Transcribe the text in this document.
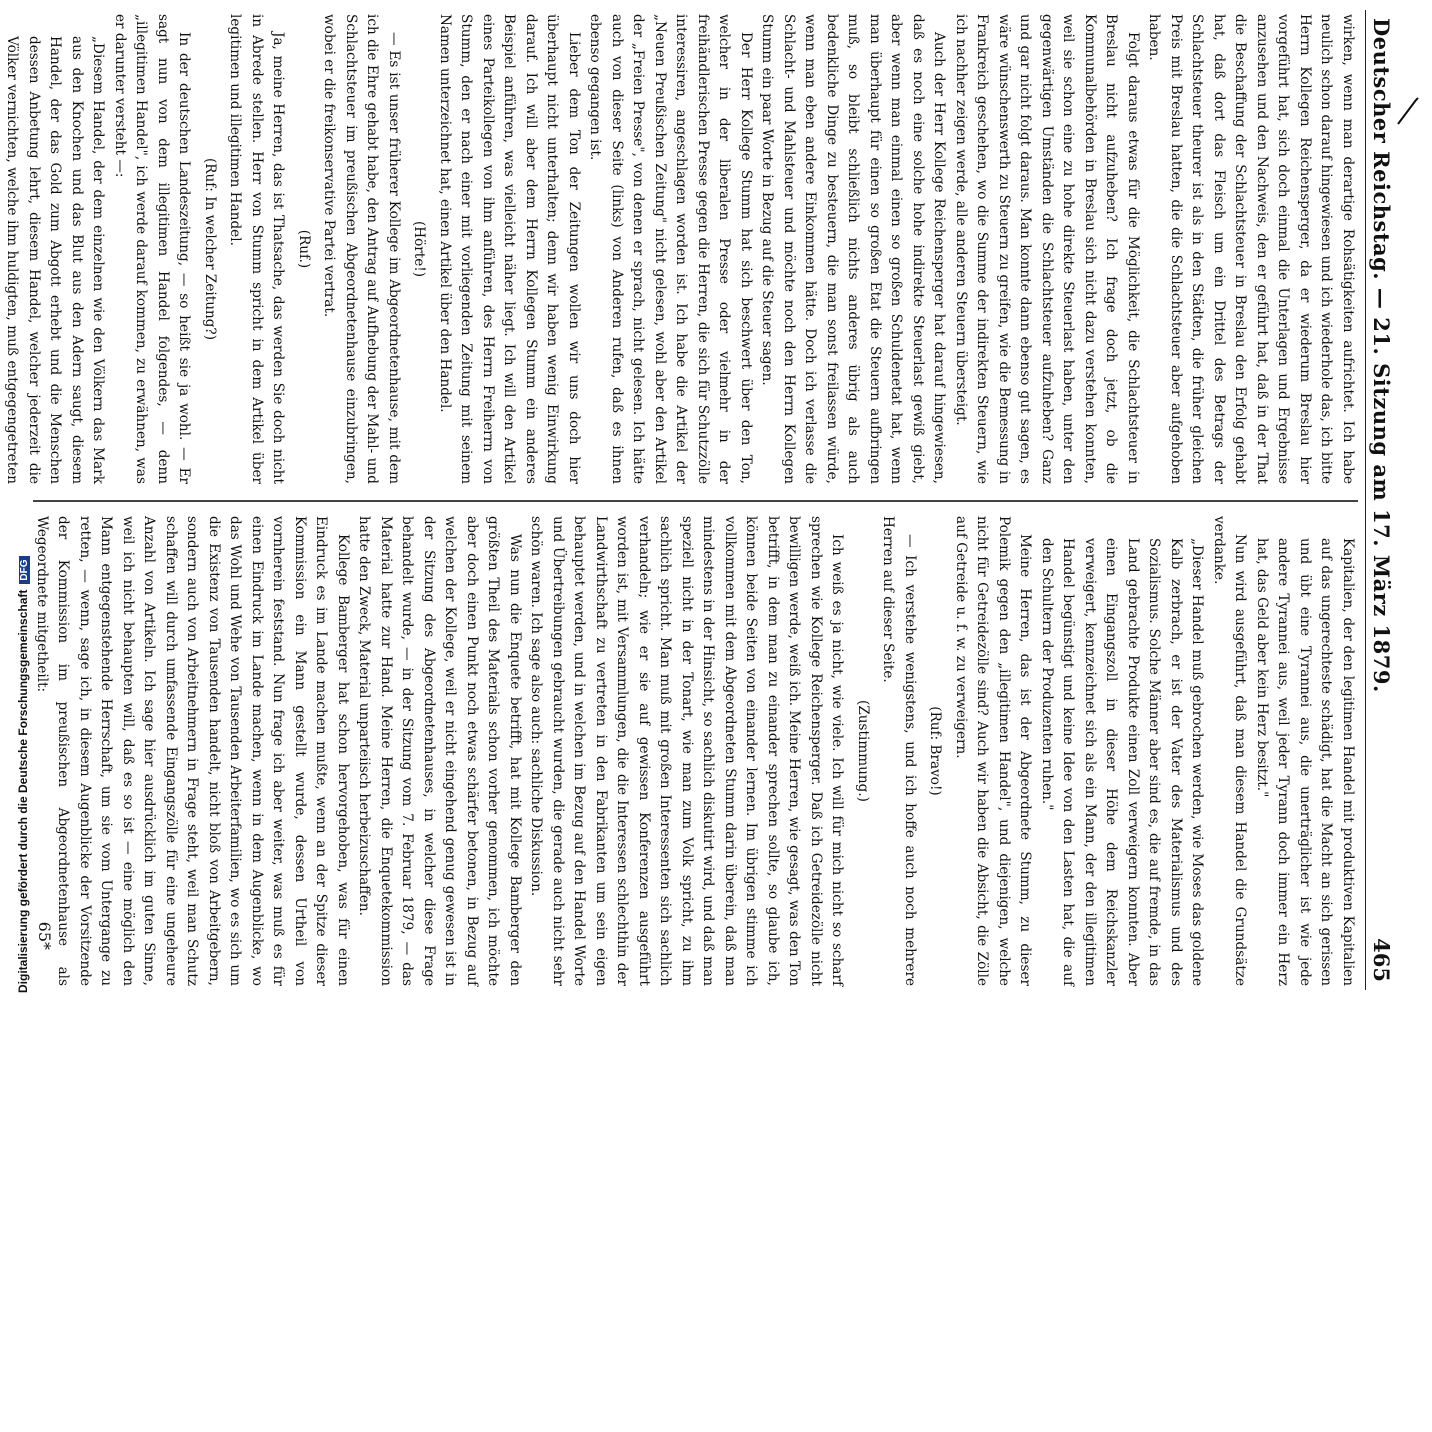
Deutscher Reichstag. — 21. Sitzung am 17. März 1879.
465

wirken, wenn man derartige Rohsätigkeiten aufrichtet. Ich habe neulich schon darauf hingewiesen und ich wiederhole das, ich bitte Herrn Kollegen Reichensperger, da er wiederum Breslau hier vorgeführt hat, sich doch einmal die Unterlagen und Ergebnisse anzusehen und den Nachweis, den er geführt hat, daß in der That die Beschaffung der Schlachtsteuer in Breslau den Erfolg gehabt hat, daß dort das Fleisch um ein Drittel des Betrags der Schlachtsteuer theurer ist als in den Städten, die früher gleichen Preis mit Breslau hatten, die die Schlachtsteuer aber aufgehoben haben.

Folgt daraus etwas für die Möglichkeit, die Schlachtsteuer in Breslau nicht aufzuheben? Ich frage doch jetzt, ob die Kommunalbehörden in Breslau sich nicht dazu verstehen konnten, weil sie schon eine zu hohe direkte Steuerlast haben, unter den gegenwärtigen Umständen die Schlachtsteuer aufzuheben? Ganz und gar nicht folgt daraus. Man konnte dann ebenso gut sagen, es wäre wünschenswerth zu Steuern zu greifen, wie die Bemessung in Frankreich geschehen, wo die Summe der indirekten Steuern, wie ich nachher zeigen werde, alle anderen Steuern übersteigt.

Auch der Herr Kollege Reichensperger hat darauf hingewiesen, daß es noch eine solche hohe indirekte Steuerlast gewiß giebt, aber wenn man einmal einen so großen Schuldenetat hat, wenn man überhaupt für einen so großen Etat die Steuern aufbringen muß, so bleibt schließlich nichts anderes übrig als auch bedenkliche Dinge zu besteuern, die man sonst freilassen würde, wenn man eben andere Einkommen hätte. Doch ich verlasse die Schlacht- und Mahlsteuer und möchte noch den Herrn Kollegen Stumm ein paar Worte in Bezug auf die Steuer sagen.

Der Herr Kollege Stumm hat sich beschwert über den Ton, welcher in der liberalen Presse oder vielmehr in der freihändlerischen Presse gegen die Herren, die sich für Schutzzölle interessiren, angeschlagen worden ist. Ich habe die Artikel der „Neuen Preußischen Zeitung" nicht gelesen, wohl aber den Artikel der „Freien Presse", von denen er sprach, nicht gelesen. Ich hätte auch von dieser Seite (links) von Anderen rufen, daß es ihnen ebenso gegangen ist.

Lieber dem Ton der Zeitungen wollen wir uns doch hier überhaupt nicht unterhalten; denn wir haben wenig Einwirkung darauf. Ich will aber dem Herrn Kollegen Stumm ein anderes Beispiel anführen, was vielleicht näher liegt. Ich will den Artikel eines Parteikollegen von ihm anführen, des Herrn Freiherrn von Stumm, den er nach einer mit vorliegenden Zeitung mit seinem Namen unterzeichnet hat, einen Artikel über den Handel.

(Hörte!)

— Es ist unser früherer Kollege im Abgeordnetenhause, mit dem ich die Ehre gehabt habe, den Antrag auf Aufhebung der Mahl- und Schlachtsteuer im preußischen Abgeordnetenhause einzubringen, wobei er die freikonservative Partei vertrat.

(Ruf.)

Ja, meine Herren, das ist Thatsache, das werden Sie doch nicht in Abrede stellen. Herr von Stumm spricht in dem Artikel über legitimen und illegitimen Handel.

(Ruf: In welcher Zeitung?)

In der deutschen Landeszeitung, — so heißt sie ja wohl. — Er sagt nun von dem illegitimen Handel folgendes, — denn „illegitimen Handel", ich werde darauf kommen, zu erwähnen, was er darunter versteht —:

„Diesem Handel, der dem einzelnen wie den Völkern das Mark aus den Knochen und das Blut aus den Adern saugt, diesem Handel, der das Gold zum Abgott erhebt und die Menschen dessen Anbetung lehrt, diesem Handel, welcher jederzeit die Völker vernichten, welche ihm huldigten, muß entgegengetreten

Kapitalien, der den legitimen Handel mit produktiven Kapitalien auf das ungerechteste schädigt, hat die Macht an sich gerissen und übt eine Tyrannei aus, die unerträglicher ist wie jede andere Tyrannei aus, weil jeder Tyrann doch immer ein Herz hat, das Geld aber kein Herz besitzt."

Nun wird ausgeführt, daß man diesem Handel die Grundsätze verdanke.

„Dieser Handel muß gebrochen werden, wie Moses das goldene Kalb zerbrach, er ist der Vater des Materialismus und des Sozialismus. Solche Männer aber sind es, die auf fremde, in das Land gebrachte Produkte einen Zoll verweigern konnten. Aber einen Eingangszoll in dieser Höhe dem Reichskanzler verweigert, kennzeichnet sich als ein Mann, der den illegitimen Handel begünstigt und keine Idee von den Lasten hat, die auf den Schultern der Produzenten ruhen."

Meine Herren, das ist der Abgeordnete Stumm, zu dieser Polemik gegen den „illegitimen Handel", und diejenigen, welche nicht für Getreidezölle sind? Auch wir haben die Absicht, die Zölle auf Getreide u. f. w. zu verweigern.

(Ruf: Bravo!)

— Ich verstehe wenigstens, und ich hoffe auch noch mehrere Herren auf dieser Seite.

(Zustimmung.)

Ich weiß es ja nicht, wie viele. Ich will für mich nicht so scharf sprechen wie Kollege Reichensperger. Daß ich Getreidezölle nicht bewilligen werde, weiß ich. Meine Herren, wie gesagt, was den Ton betrifft, in dem man zu einander sprechen sollte, so glaube ich, können beide Seiten von einander lernen. Im übrigen stimme ich vollkommen mit dem Abgeordneten Stumm darin überein, daß man mindestens in der Hinsicht, so sachlich diskutirt wird, und daß man speziell nicht in der Tonart, wie man zum Volk spricht, zu ihm sachlich spricht. Man muß mit großen Interessenten sich sachlich verhandeln; wie er sie auf gewissen Konferenzen ausgeführt worden ist, mit Versammlungen, die die Interessen schlechthin der Landwirthschaft zu vertreten in den Fabrikanten um sein eigen behauptet werden, und in welchen im Bezug auf den Handel Worte und Übertreibungen gebraucht wurden, die gerade auch nicht sehr schön waren. Ich sage also auch: sachliche Diskussion.

Was nun die Enquete betrifft, hat mit Kollege Bamberger den größten Theil des Materials schon vorher genommen, ich möchte aber doch einen Punkt noch etwas schärfer betonen, in Bezug auf welchen der Kollege, weil er nicht eingehend genug gewesen ist in der Sitzung des Abgeordnetenhauses, in welcher diese Frage behandelt wurde, — in der Sitzung vom 7. Februar 1879, — das Material hatte zur Hand. Meine Herren, die Enquetekommission hatte den Zweck, Material unparteiisch herbeizuschaffen.

Kollege Bamberger hat schon hervorgehoben, was für einen Eindruck es im Lande machen mußte, wenn an der Spitze dieser Kommission ein Mann gestellt wurde, dessen Urtheil von vornherein feststand. Nun frage ich aber weiter, was muß es für einen Eindruck im Lande machen, wenn in dem Augenblicke, wo das Wohl und Wehe von Tausenden Arbeiterfamilien, wo es sich um die Existenz von Tausenden handelt, nicht bloß von Arbeitgebern, sondern auch von Arbeitnehmern in Frage steht, weil man Schutz schaffen will durch umfassende Eingangszölle für eine ungeheure Anzahl von Artikeln. Ich sage hier ausdrücklich im guten Sinne, weil ich nicht behaupten will, daß es so ist — eine möglich den Mann entgegenstehende Herrschaft, um sie vom Untergange zu retten, — wenn, sage ich, in diesem Augenblicke der Vorsitzende der Kommission im preußischen Abgeordnetenhause als Wegeordnete mitgetheilt:

65*
Digitalisierung gefördert durch die Deutsche ForschungsgemeinschaftDFG
